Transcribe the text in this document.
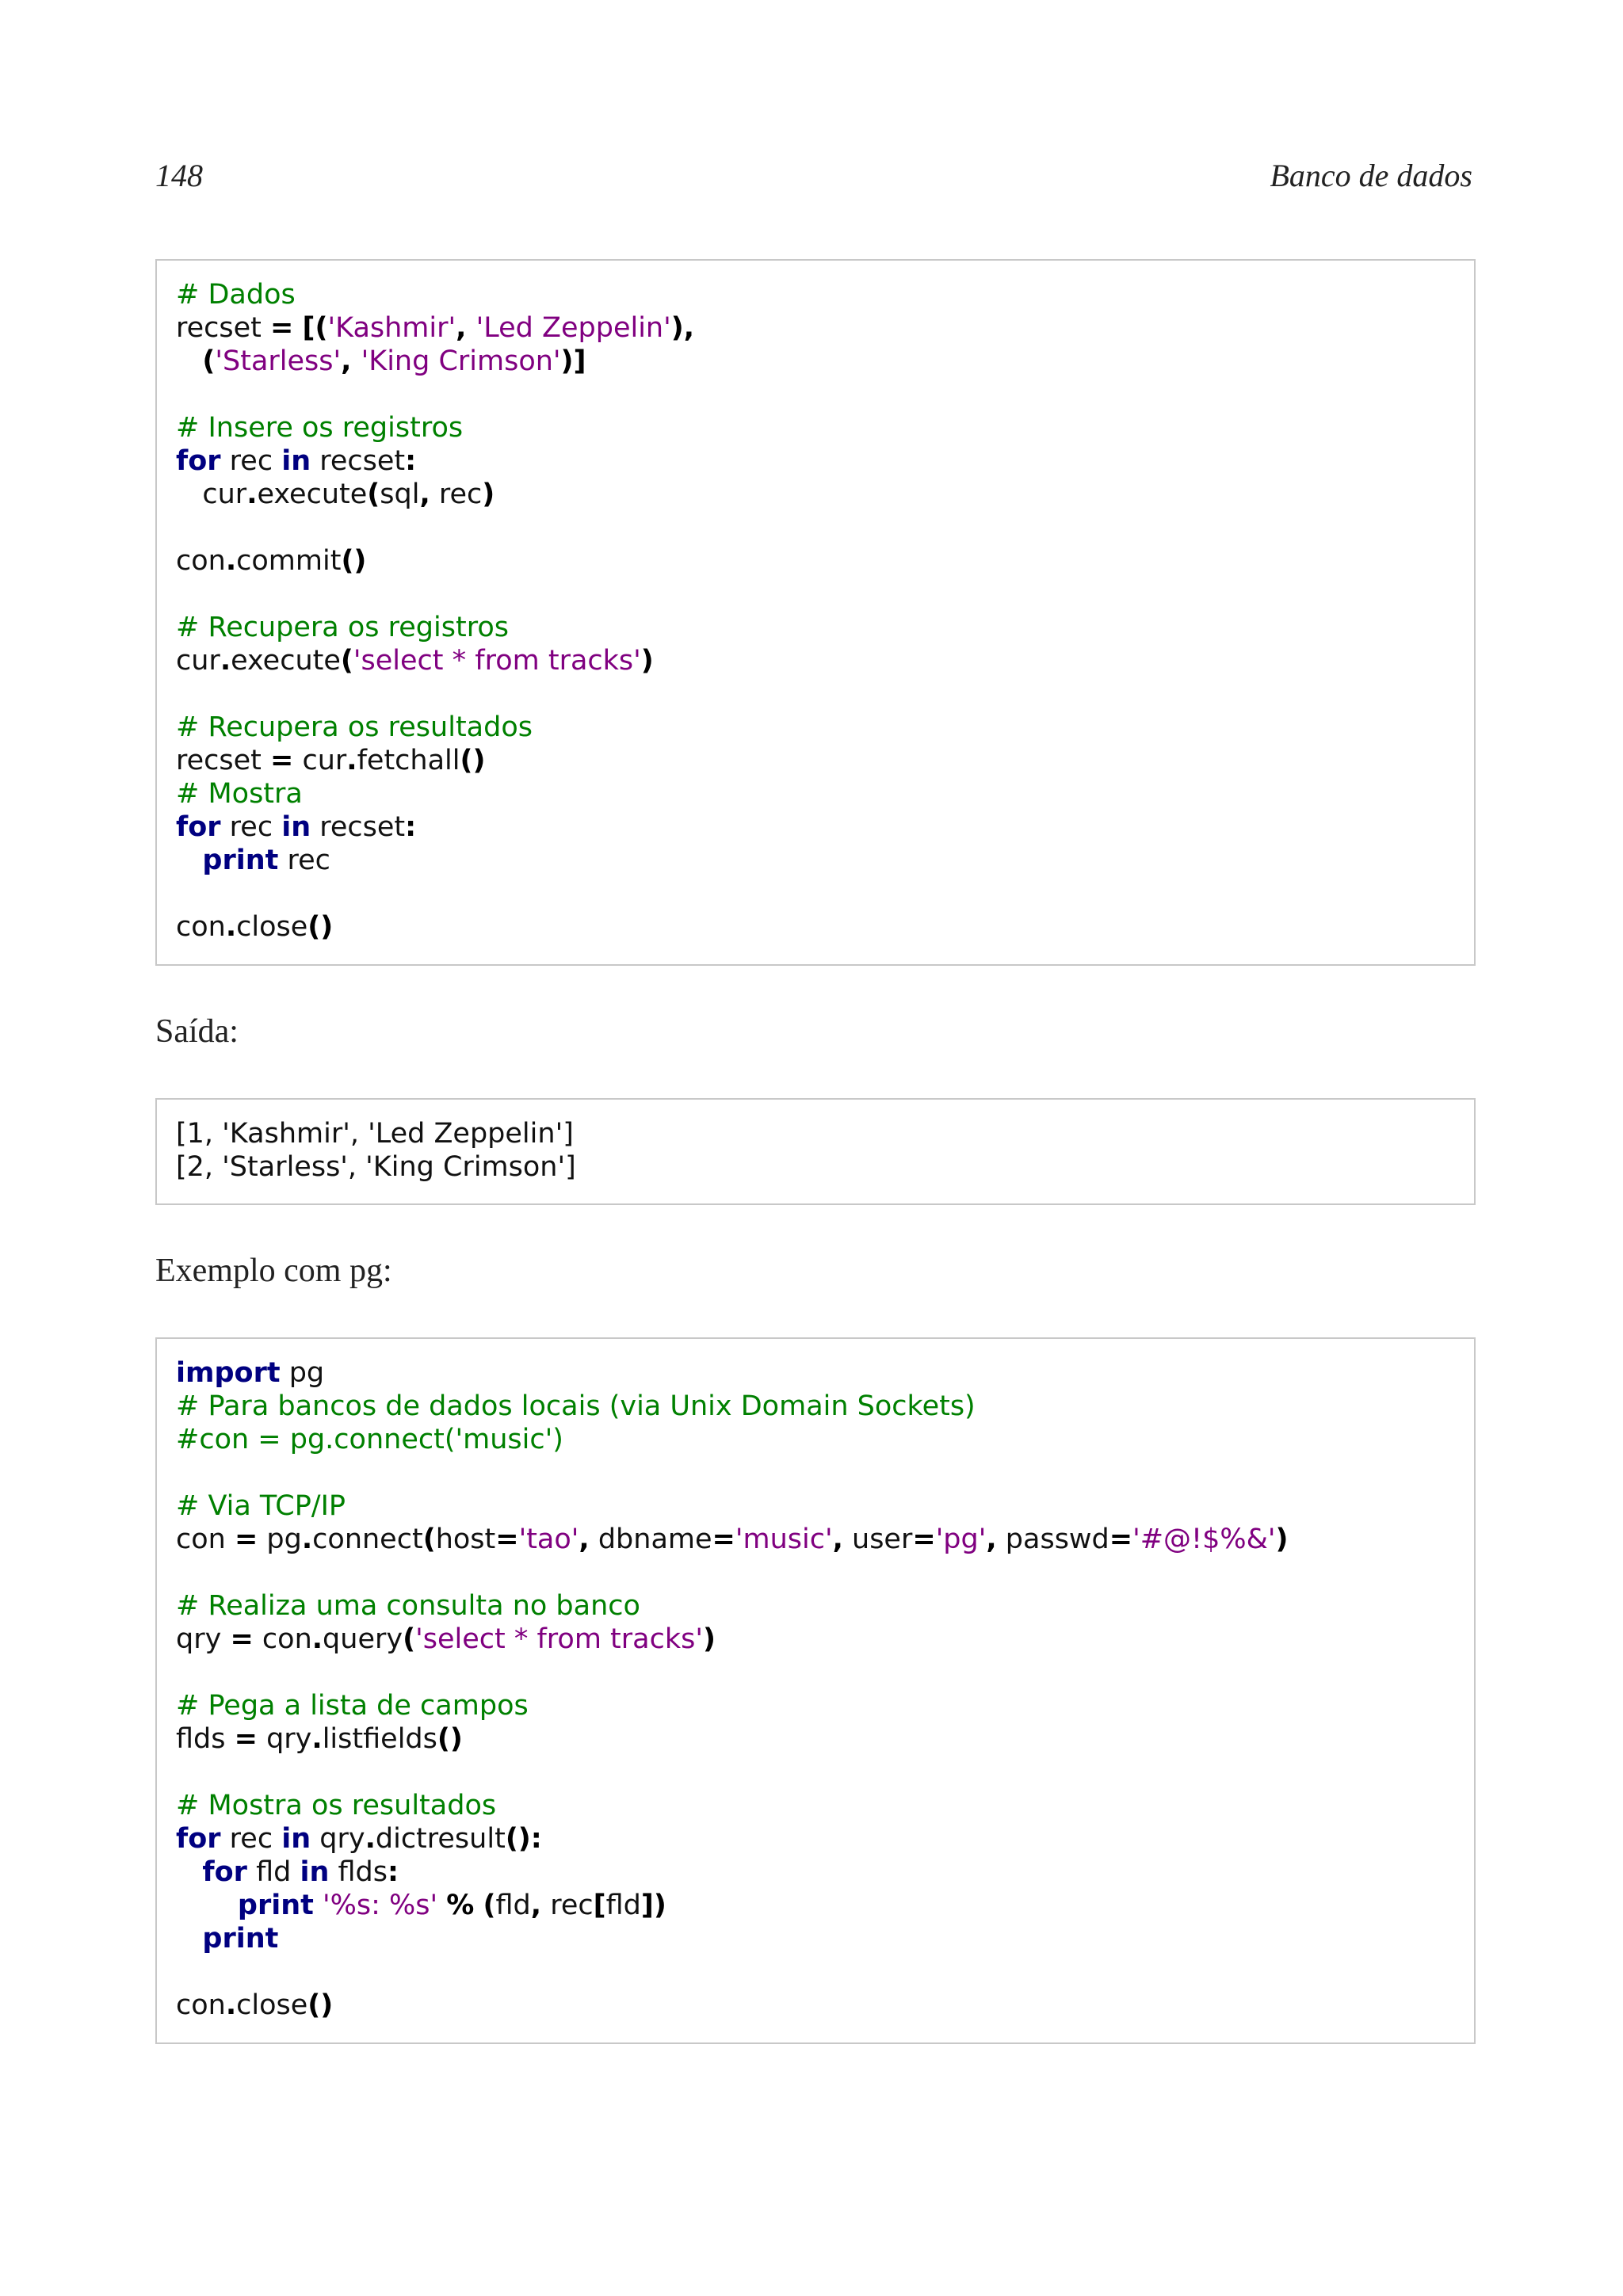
148	Banco de dados
# Dados
recset = [('Kashmir', 'Led Zeppelin'),
('Starless', 'King Crimson')]
# Insere os registros
for rec in recset:
cur.execute(sql, rec)
con.commit()
# Recupera os registros
cur.execute('select * from tracks')
# Recupera os resultados
recset = cur.fetchall()
# Mostra
for rec in recset:
print rec
con.close()
Saída:
[1, 'Kashmir', 'Led Zeppelin']
[2, 'Starless', 'King Crimson']
Exemplo com pg:
import pg
# Para bancos de dados locais (via Unix Domain Sockets)
#con = pg.connect('music')
# Via TCP/IP
con = pg.connect(host='tao', dbname='music', user='pg', passwd='#@!$%&')
# Realiza uma consulta no banco
qry = con.query('select * from tracks')
# Pega a lista de campos
flds = qry.listfields()
# Mostra os resultados
for rec in qry.dictresult():
for fld in flds:
print '%s: %s' % (fld, rec[fld])
print
con.close()
